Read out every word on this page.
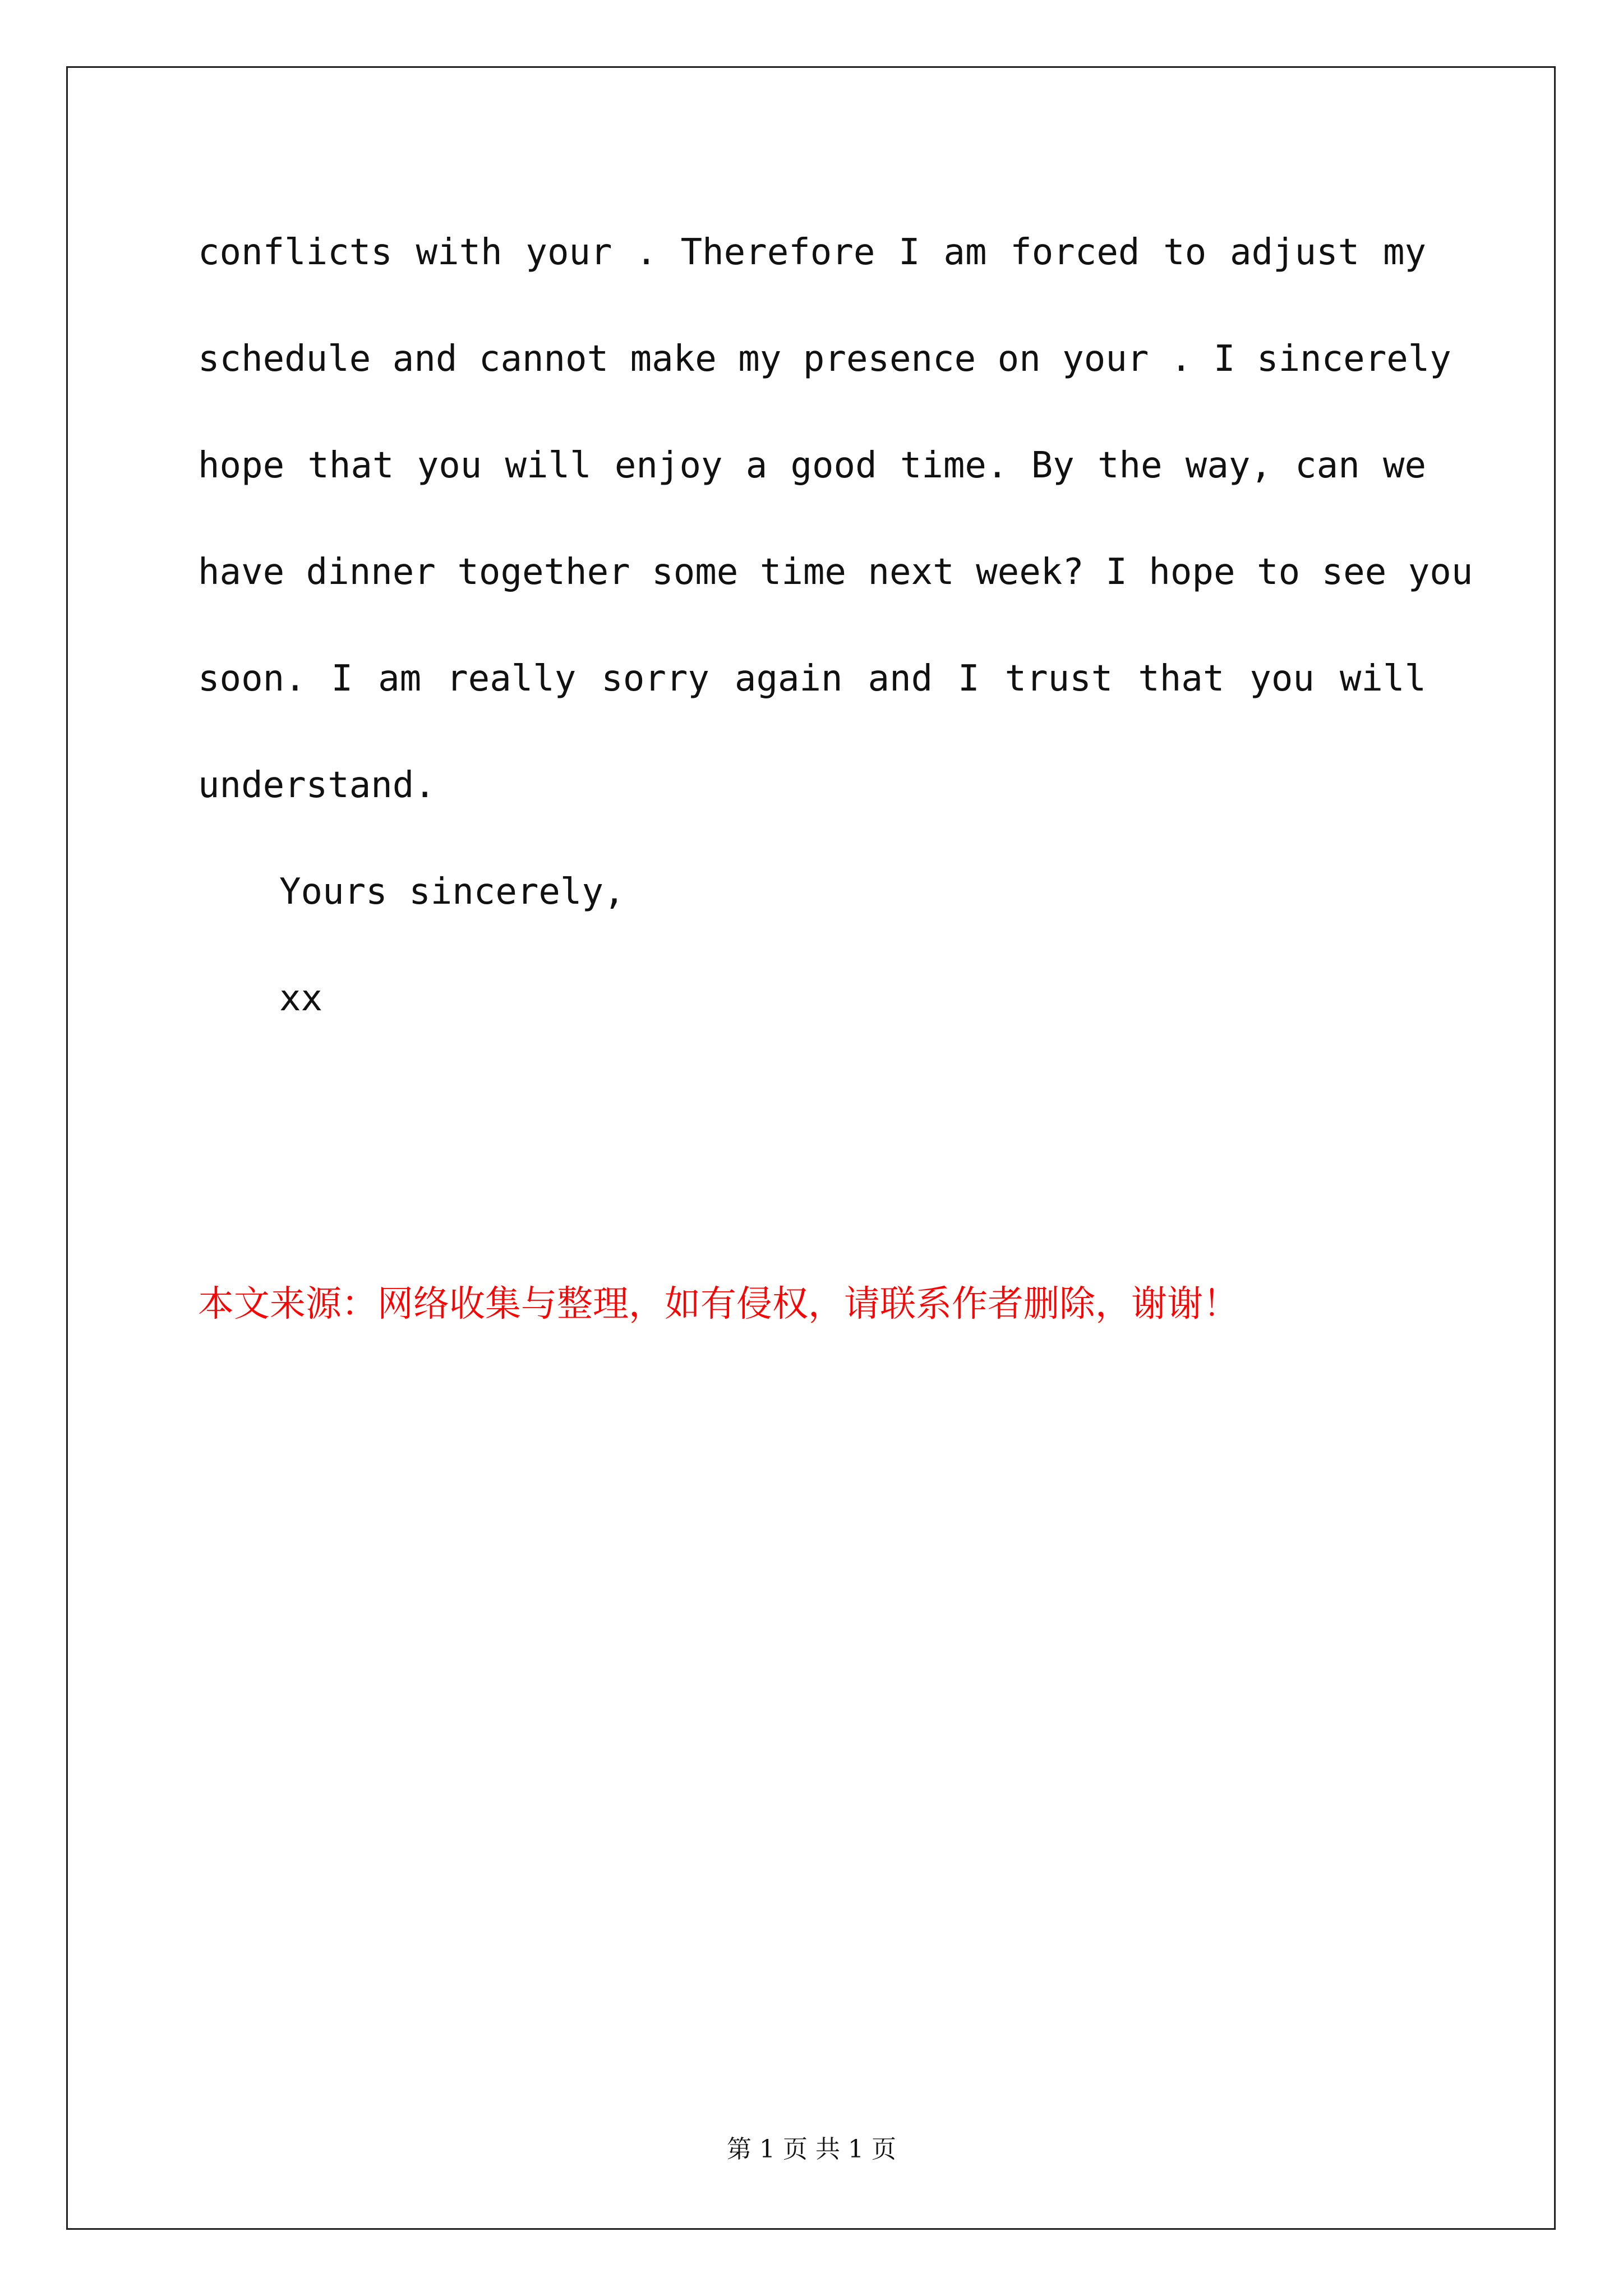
conflicts with your . Therefore I am forced to adjust my
schedule and cannot make my presence on your . I sincerely
hope that you will enjoy a good time. By the way, can we
have dinner together some time next week? I hope to see you
soon. I am really sorry again and I trust that you will
understand.
Yours sincerely,
xx
本文来源：网络收集与整理，如有侵权，请联系作者删除，谢谢！
第 1 页 共 1 页
